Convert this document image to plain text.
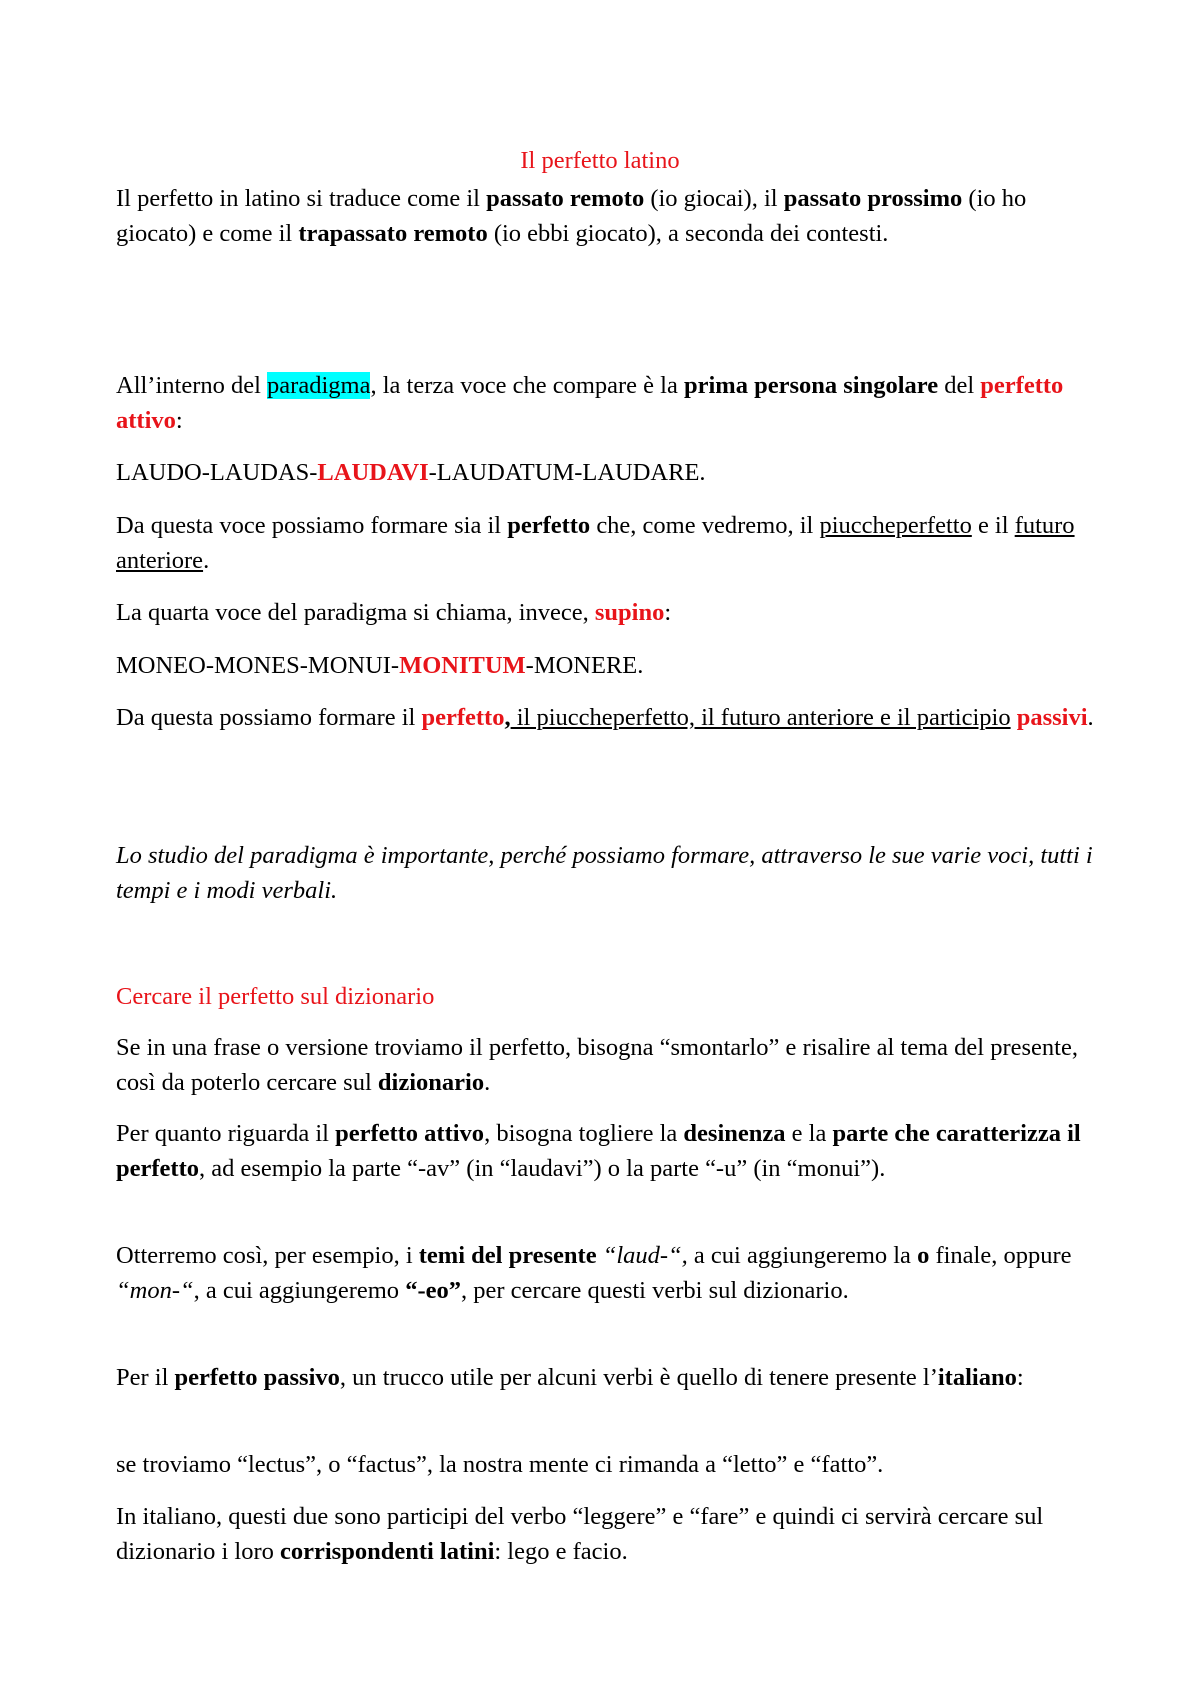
Il perfetto latino

Il perfetto in latino si traduce come il passato remoto (io giocai), il passato prossimo (io ho giocato) e come il trapassato remoto (io ebbi giocato), a seconda dei contesti.

All’interno del paradigma, la terza voce che compare è la prima persona singolare del perfetto attivo:

LAUDO-LAUDAS-LAUDAVI-LAUDATUM-LAUDARE.

Da questa voce possiamo formare sia il perfetto che, come vedremo, il piuccheperfetto e il futuro anteriore.

La quarta voce del paradigma si chiama, invece, supino:

MONEO-MONES-MONUI-MONITUM-MONERE.

Da questa possiamo formare il perfetto, il piuccheperfetto, il futuro anteriore e il participio passivi.

Lo studio del paradigma è importante, perché possiamo formare, attraverso le sue varie voci, tutti i tempi e i modi verbali.

Cercare il perfetto sul dizionario

Se in una frase o versione troviamo il perfetto, bisogna “smontarlo” e risalire al tema del presente, così da poterlo cercare sul dizionario.

Per quanto riguarda il perfetto attivo, bisogna togliere la desinenza e la parte che caratterizza il perfetto, ad esempio la parte “-av” (in “laudavi”) o la parte “-u” (in “monui”).

Otterremo così, per esempio, i temi del presente “laud-“, a cui aggiungeremo la o finale, oppure “mon-“, a cui aggiungeremo “-eo”, per cercare questi verbi sul dizionario.

Per il perfetto passivo, un trucco utile per alcuni verbi è quello di tenere presente l’italiano:

se troviamo “lectus”, o “factus”, la nostra mente ci rimanda a “letto” e “fatto”.

In italiano, questi due sono participi del verbo “leggere” e “fare” e quindi ci servirà cercare sul dizionario i loro corrispondenti latini: lego e facio.
